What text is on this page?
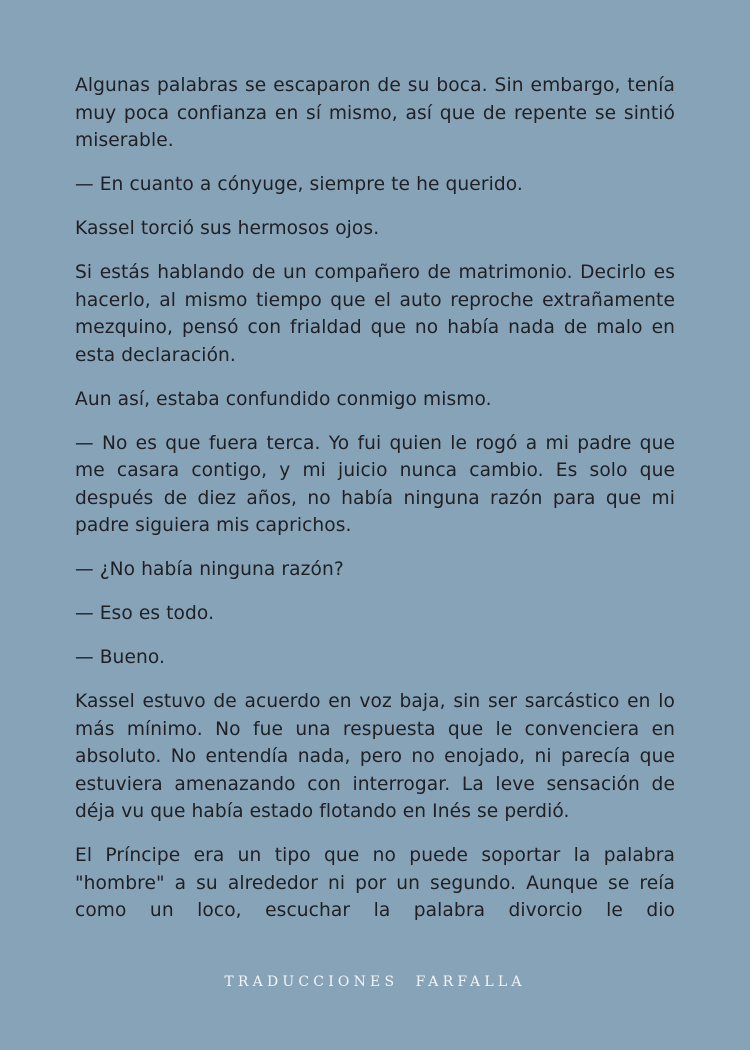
Algunas palabras se escaparon de su boca. Sin embargo, tenía muy poca confianza en sí mismo, así que de repente se sintió miserable.

— En cuanto a cónyuge, siempre te he querido.

Kassel torció sus hermosos ojos.

Si estás hablando de un compañero de matrimonio. Decirlo es hacerlo, al mismo tiempo que el auto reproche extrañamente mezquino, pensó con frialdad que no había nada de malo en esta declaración.

Aun así, estaba confundido conmigo mismo.

— No es que fuera terca. Yo fui quien le rogó a mi padre que me casara contigo, y mi juicio nunca cambio. Es solo que después de diez años, no había ninguna razón para que mi padre siguiera mis caprichos.

— ¿No había ninguna razón?

— Eso es todo.

— Bueno.

Kassel estuvo de acuerdo en voz baja, sin ser sarcástico en lo más mínimo. No fue una respuesta que le convenciera en absoluto. No entendía nada, pero no enojado, ni parecía que estuviera amenazando con interrogar. La leve sensación de déja vu que había estado flotando en Inés se perdió.

El Príncipe era un tipo que no puede soportar la palabra "hombre" a su alrededor ni por un segundo. Aunque se reía como un loco, escuchar la palabra divorcio le dio

TRADUCCIONES  FARFALLA
